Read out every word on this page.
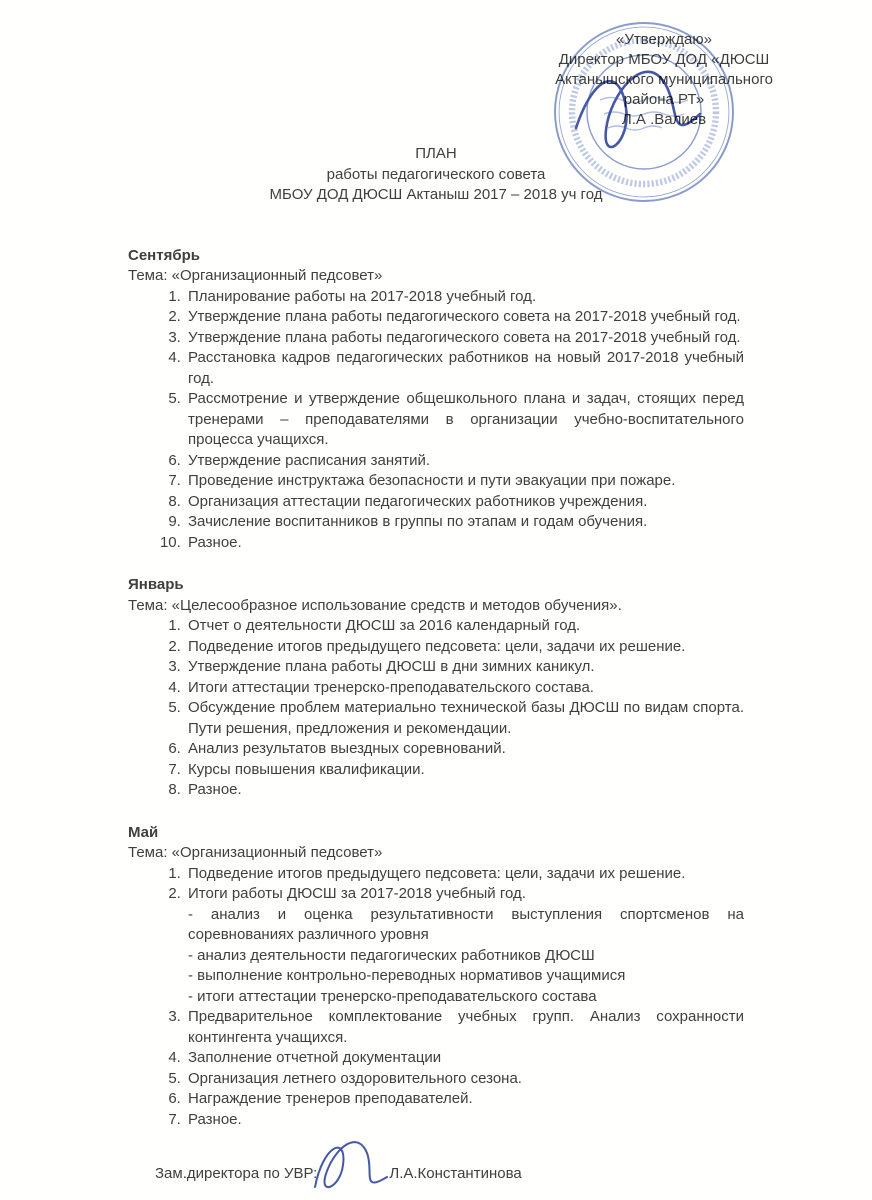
«Утверждаю»
Директор МБОУ ДОД «ДЮСШ
Актанышского муниципального
района РТ»
Л.А .Валиев
ПЛАН
работы педагогического совета
МБОУ ДОД ДЮСШ Актаныш 2017 – 2018 уч год
Сентябрь
Тема: «Организационный педсовет»
1. Планирование работы на 2017-2018 учебный год.
2. Утверждение плана работы педагогического совета на 2017-2018 учебный год.
3. Утверждение плана работы педагогического совета на 2017-2018 учебный год.
4. Расстановка кадров педагогических работников на новый 2017-2018 учебный год.
5. Рассмотрение и утверждение общешкольного плана и задач, стоящих перед тренерами – преподавателями в организации учебно-воспитательного процесса учащихся.
6. Утверждение расписания занятий.
7. Проведение инструктажа безопасности и пути эвакуации при пожаре.
8. Организация аттестации педагогических работников учреждения.
9. Зачисление воспитанников в группы по этапам и годам обучения.
10. Разное.
Январь
Тема: «Целесообразное использование средств и методов обучения».
1. Отчет о деятельности ДЮСШ за 2016 календарный год.
2. Подведение итогов предыдущего педсовета: цели, задачи их решение.
3. Утверждение плана работы ДЮСШ в дни зимних каникул.
4. Итоги аттестации тренерско-преподавательского состава.
5. Обсуждение проблем материально технической базы ДЮСШ по видам спорта. Пути решения, предложения и рекомендации.
6. Анализ результатов выездных соревнований.
7. Курсы повышения квалификации.
8. Разное.
Май
Тема: «Организационный педсовет»
1. Подведение итогов предыдущего педсовета: цели, задачи их решение.
2. Итоги работы ДЮСШ за 2017-2018 учебный год.
- анализ и оценка результативности выступления спортсменов на соревнованиях различного уровня
- анализ деятельности педагогических работников ДЮСШ
- выполнение контрольно-переводных нормативов учащимися
- итоги аттестации тренерско-преподавательского состава
3. Предварительное комплектование учебных групп. Анализ сохранности контингента учащихся.
4. Заполнение отчетной документации
5. Организация летнего оздоровительного сезона.
6. Награждение тренеров преподавателей.
7. Разное.
Зам.директора по УВР:	Л.А.Константинова
